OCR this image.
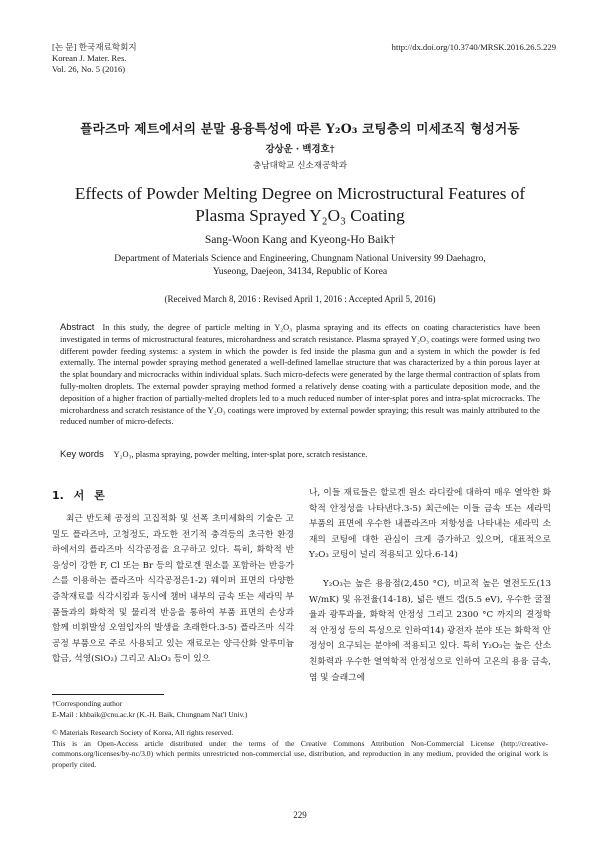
[논 문] 한국재료학회지
Korean J. Mater. Res.
Vol. 26, No. 5 (2016)
http://dx.doi.org/10.3740/MRSK.2016.26.5.229
플라즈마 제트에서의 분말 용융특성에 따른 Y₂O₃ 코팅층의 미세조직 형성거동
강상운 · 백경호†
충남대학교 신소재공학과
Effects of Powder Melting Degree on Microstructural Features of
Plasma Sprayed Y₂O₃ Coating
Sang-Woon Kang and Kyeong-Ho Baik†
Department of Materials Science and Engineering, Chungnam National University 99 Daehagro,
Yuseong, Daejeon, 34134, Republic of Korea
(Received March 8, 2016 : Revised April 1, 2016 : Accepted April 5, 2016)
Abstract In this study, the degree of particle melting in Y₂O₃ plasma spraying and its effects on coating characteristics have been investigated in terms of microstructural features, microhardness and scratch resistance. Plasma sprayed Y₂O₃ coatings were formed using two different powder feeding systems: a system in which the powder is fed inside the plasma gun and a system in which the powder is fed externally. The internal powder spraying method generated a well-defined lamellae structure that was characterized by a thin porous layer at the splat boundary and microcracks within individual splats. Such micro-defects were generated by the large thermal contraction of splats from fully-molten droplets. The external powder spraying method formed a relatively dense coating with a particulate deposition mode, and the deposition of a higher fraction of partially-melted droplets led to a much reduced number of inter-splat pores and intra-splat microcracks. The microhardness and scratch resistance of the Y₂O₃ coatings were improved by external powder spraying; this result was mainly attributed to the reduced number of micro-defects.
Key words Y₂O₃, plasma spraying, powder melting, inter-splat pore, scratch resistance.
1. 서 론

최근 반도체 공정의 고집적화 및 선폭 초미세화의 기술은 고밀도 플라즈마, 고청정도, 과도한 전기적 충격등의 초극한 환경 하에서의 플라즈마 식각공정을 요구하고 있다. 특히, 화학적 반응성이 강한 F, Cl 또는 Br 등의 할로겐 원소를 포함하는 반응가스를 이용하는 플라즈마 식각공정은1-2) 웨이퍼 표면의 다양한 증착재료를 식각시킴과 동시에 챔버 내부의 금속 또는 세라믹 부품들과의 화학적 및 물리적 반응을 통하여 부품 표면의 손상과 함께 비휘발성 오염입자의 발생을 초래한다.3-5) 플라즈마 식각공정 부품으로 주로 사용되고 있는 재료로는 양극산화 알루미늄 합금, 석영(SiO₂) 그리고 Al₂O₃ 등이 있으

나, 이들 재료들은 할로겐 원소 라디칼에 대하여 매우 열악한 화학적 안정성을 나타낸다.3-5) 최근에는 이들 금속 또는 세라믹 부품의 표면에 우수한 내플라즈마 저항성을 나타내는 세라믹 소재의 코팅에 대한 관심이 크게 증가하고 있으며, 대표적으로 Y₂O₃ 코팅이 널리 적용되고 있다.6-14)

Y₂O₃는 높은 용융점(2,450 °C), 비교적 높은 열전도도(13 W/mK) 및 유전율(14-18), 넓은 밴드 갭(5.5 eV), 우수한 굴절율과 광투과율, 화학적 안정성 그리고 2300 °C 까지의 결정학적 안정성 등의 특성으로 인하여14) 광전자 분야 또는 화학적 안정성이 요구되는 분야에 적용되고 있다. 특히 Y₂O₃는 높은 산소 친화력과 우수한 열역학적 안정성으로 인하여 고온의 용융 금속, 염 및 슬래그에

†Corresponding author
E-Mail : khbaik@cnu.ac.kr (K.-H. Baik, Chungnam Nat'l Univ.)
© Materials Research Society of Korea, All rights reserved.
This is an Open-Access article distributed under the terms of the Creative Commons Attribution Non-Commercial License (http://creative-commons.org/licenses/by-nc/3.0) which permits unrestricted non-commercial use, distribution, and reproduction in any medium, provided the original work is properly cited.
229
